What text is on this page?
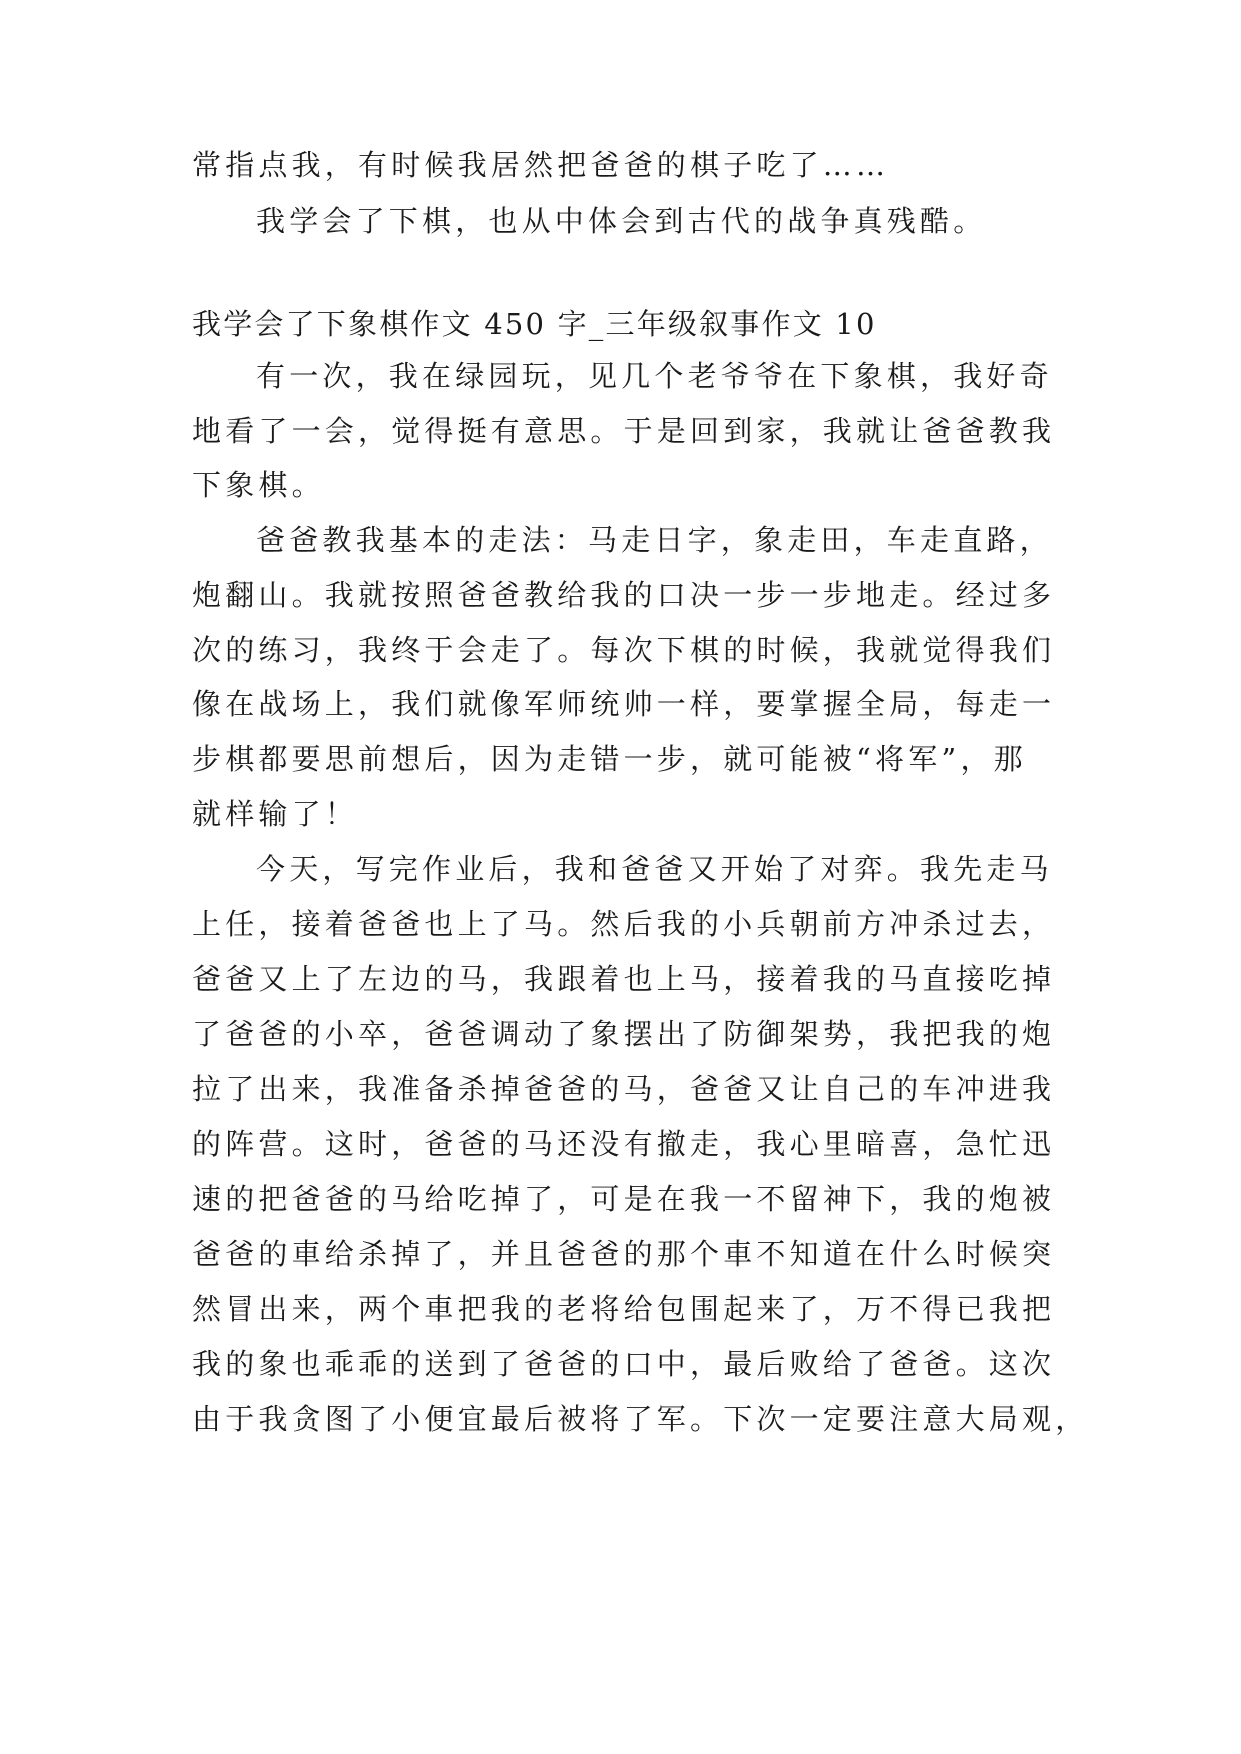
常指点我，有时候我居然把爸爸的棋子吃了……
我学会了下棋，也从中体会到古代的战争真残酷。
我学会了下象棋作文 450 字_三年级叙事作文 10
有一次，我在绿园玩，见几个老爷爷在下象棋，我好奇
地看了一会，觉得挺有意思。于是回到家，我就让爸爸教我
下象棋。
爸爸教我基本的走法：马走日字，象走田，车走直路，
炮翻山。我就按照爸爸教给我的口决一步一步地走。经过多
次的练习，我终于会走了。每次下棋的时候，我就觉得我们
像在战场上，我们就像军师统帅一样，要掌握全局，每走一
步棋都要思前想后，因为走错一步，就可能被“将军”，那
就样输了！
今天，写完作业后，我和爸爸又开始了对弈。我先走马
上任，接着爸爸也上了马。然后我的小兵朝前方冲杀过去，
爸爸又上了左边的马，我跟着也上马，接着我的马直接吃掉
了爸爸的小卒，爸爸调动了象摆出了防御架势，我把我的炮
拉了出来，我准备杀掉爸爸的马，爸爸又让自己的车冲进我
的阵营。这时，爸爸的马还没有撤走，我心里暗喜，急忙迅
速的把爸爸的马给吃掉了，可是在我一不留神下，我的炮被
爸爸的車给杀掉了，并且爸爸的那个車不知道在什么时候突
然冒出来，两个車把我的老将给包围起来了，万不得已我把
我的象也乖乖的送到了爸爸的口中，最后败给了爸爸。这次
由于我贪图了小便宜最后被将了军。下次一定要注意大局观，
